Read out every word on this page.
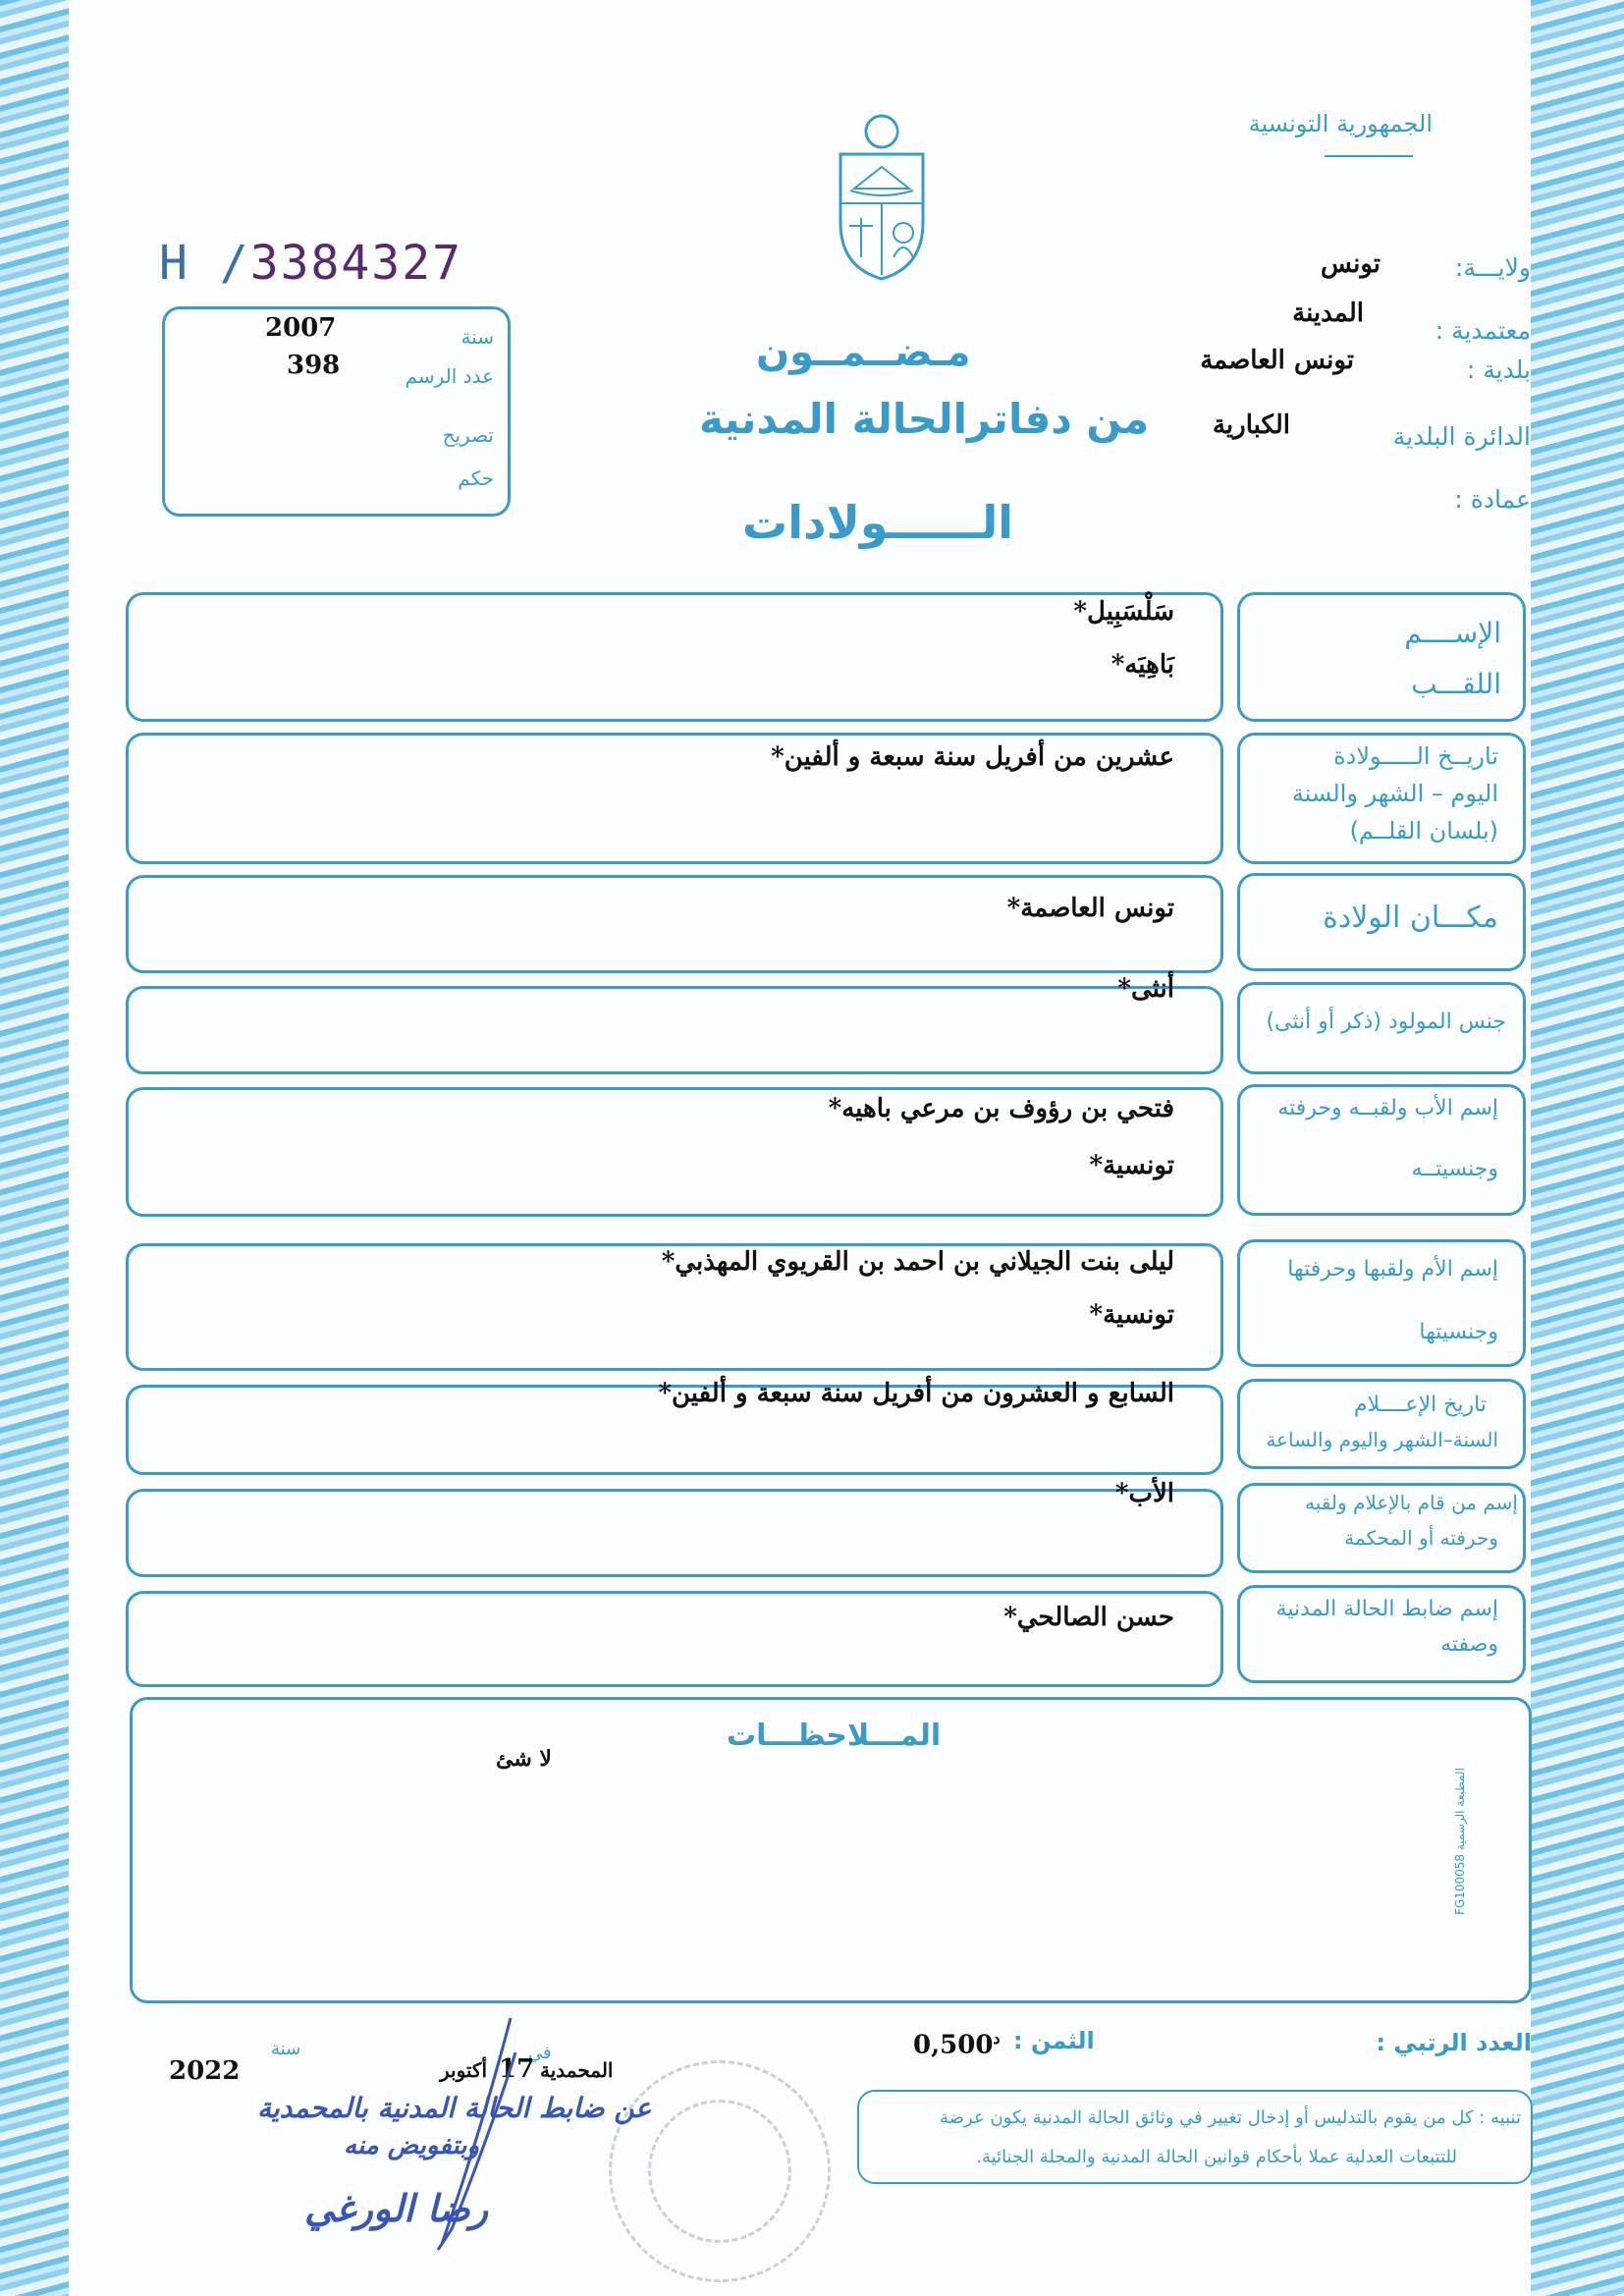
الجمهورية التونسية
H /3384327
سنة
2007
عدد الرسم
398
تصريح
حكم
ولايـــة:
تونس
معتمدية :
المدينة
بلدية :
تونس العاصمة
الدائرة البلدية
الكبارية
عمادة :
مـضــمــون
من دفاترالحالة المدنية
الــــــولادات
الإســــم
اللقـــب
سَلْسَبِيل *
بَاهِيَه *
تاريــخ الـــــولادة
اليوم – الشهر والسنة
(بلسان القلــم)
عشرين من أفريل سنة سبعة و ألفين *
مكـــان الولادة
تونس العاصمة *
جنس المولود (ذكر أو أنثى)
أنثى *
إسم الأب ولقبــه وحرفته
وجنسيتــه
فتحي بن رؤوف بن مرعي باهيه *
تونسية *
إسم الأم ولقبها وحرفتها
وجنسيتها
ليلى بنت الجيلاني بن احمد بن القريوي المهذبي *
تونسية *
تاريخ الإعــــلام
السنة–الشهر واليوم والساعة
السابع و العشرون من أفريل سنة سبعة و ألفين *
إسم من قام بالإعلام ولقبه
وحرفته أو المحكمة
الأب *
إسم ضابط الحالة المدنية
وصفته
حسن الصالحي *
المـــلاحظـــات
لا شئ
العدد الرتبي :
الثمن :
$0,500^د$
المحمدية
في
17
أكتوبر
سنة
2022
عن ضابط الحالة المدنية بالمحمدية
وبتفويض منه
رضا الورغي
تنبيه : كل من يقوم بالتدليس أو إدخال تغيير في وثائق الحالة المدنية يكون عرضة
للتتبعات العدلية عملا بأحكام قوانين الحالة المدنية والمجلة الجنائية.
المطبعة الرسمية FG100058
